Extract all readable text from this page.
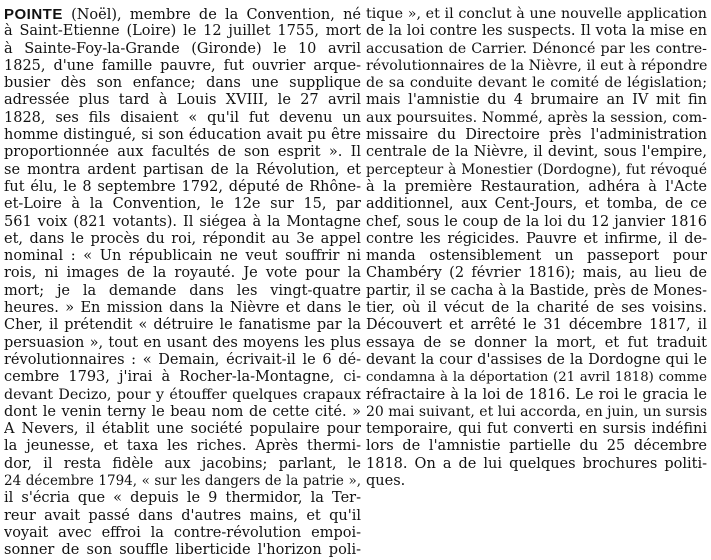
POINTE (Noël), membre de la Convention, né
à Saint-Étienne (Loire) le 12 juillet 1755, mort
à Sainte-Foy-la-Grande (Gironde) le 10 avril
1825, d'une famille pauvre, fut ouvrier arque-
busier dès son enfance; dans une supplique
adressée plus tard à Louis XVIII, le 27 avril
1828, ses fils disaient « qu'il fut devenu un
homme distingué, si son éducation avait pu être
proportionnée aux facultés de son esprit ». Il
se montra ardent partisan de la Révolution, et
fut élu, le 8 septembre 1792, député de Rhône-
et-Loire à la Convention, le 12e sur 15, par
561 voix (821 votants). Il siégea à la Montagne
et, dans le procès du roi, répondit au 3e appel
nominal : « Un républicain ne veut souffrir ni
rois, ni images de la royauté. Je vote pour la
mort; je la demande dans les vingt-quatre
heures. » En mission dans la Nièvre et dans le
Cher, il prétendit « détruire le fanatisme par la
persuasion », tout en usant des moyens les plus
révolutionnaires : « Demain, écrivait-il le 6 dé-
cembre 1793, j'irai à Rocher-la-Montagne, ci-
devant Decizo, pour y étouffer quelques crapaux
dont le venin terny le beau nom de cette cité. »
A Nevers, il établit une société populaire pour
la jeunesse, et taxa les riches. Après thermi-
dor, il resta fidèle aux jacobins; parlant, le
24 décembre 1794, « sur les dangers de la patrie »,
il s'écria que « depuis le 9 thermidor, la Ter-
reur avait passé dans d'autres mains, et qu'il
voyait avec effroi la contre-révolution empoi-
sonner de son souffle liberticide l'horizon poli-
tique », et il conclut à une nouvelle application
de la loi contre les suspects. Il vota la mise en
accusation de Carrier. Dénoncé par les contre-
révolutionnaires de la Nièvre, il eut à répondre
de sa conduite devant le comité de législation;
mais l'amnistie du 4 brumaire an IV mit fin
aux poursuites. Nommé, après la session, com-
missaire du Directoire près l'administration
centrale de la Nièvre, il devint, sous l'empire,
percepteur à Monestier (Dordogne), fut révoqué
à la première Restauration, adhéra à l'Acte
additionnel, aux Cent-Jours, et tomba, de ce
chef, sous le coup de la loi du 12 janvier 1816
contre les régicides. Pauvre et infirme, il de-
manda ostensiblement un passeport pour
Chambéry (2 février 1816); mais, au lieu de
partir, il se cacha à la Bastide, près de Mones-
tier, où il vécut de la charité de ses voisins.
Découvert et arrêté le 31 décembre 1817, il
essaya de se donner la mort, et fut traduit
devant la cour d'assises de la Dordogne qui le
condamna à la déportation (21 avril 1818) comme
réfractaire à la loi de 1816. Le roi le gracia le
20 mai suivant, et lui accorda, en juin, un sursis
temporaire, qui fut converti en sursis indéfini
lors de l'amnistie partielle du 25 décembre
1818. On a de lui quelques brochures politi-
ques.
